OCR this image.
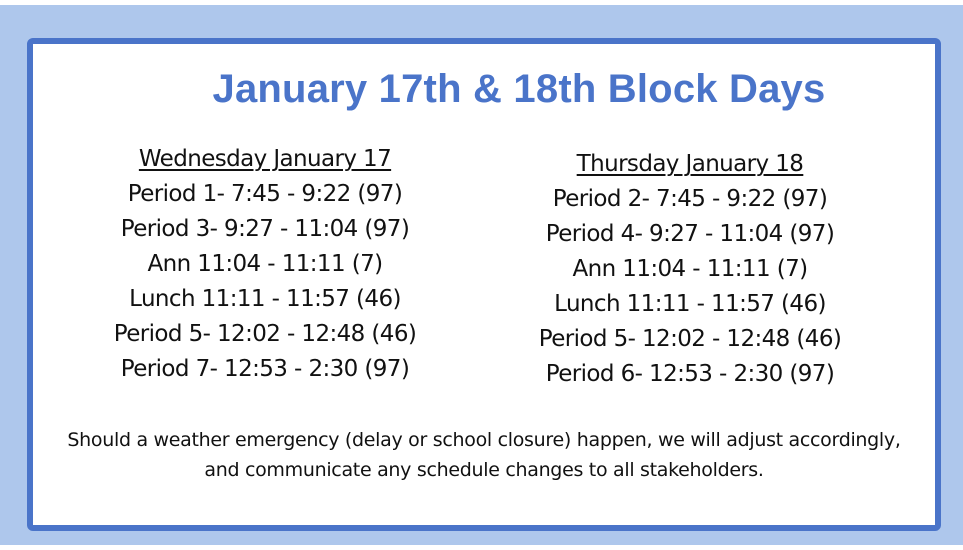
January 17th & 18th Block Days
Wednesday January 17
Period 1- 7:45 - 9:22 (97)
Period 3- 9:27 - 11:04 (97)
Ann 11:04 - 11:11 (7)
Lunch 11:11 - 11:57 (46)
Period 5- 12:02 - 12:48 (46)
Period 7- 12:53 - 2:30 (97)
Thursday January 18
Period 2- 7:45 - 9:22 (97)
Period 4- 9:27 - 11:04 (97)
Ann 11:04 - 11:11 (7)
Lunch 11:11 - 11:57 (46)
Period 5- 12:02 - 12:48 (46)
Period 6- 12:53 - 2:30 (97)
Should a weather emergency (delay or school closure) happen, we will adjust accordingly, and communicate any schedule changes to all stakeholders.
